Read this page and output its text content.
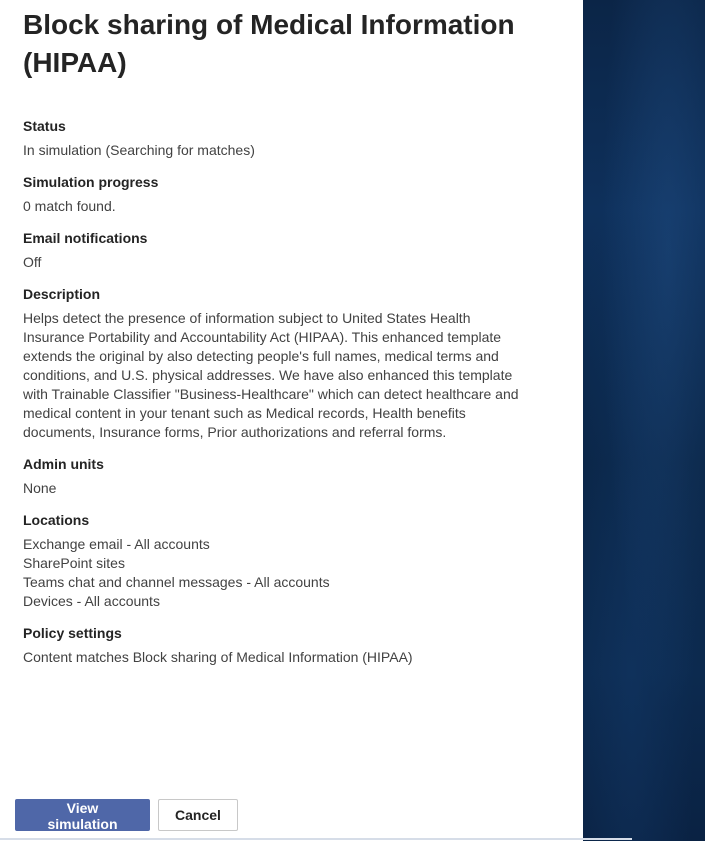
Block sharing of Medical Information (HIPAA)
Status
In simulation (Searching for matches)
Simulation progress
0 match found.
Email notifications
Off
Description
Helps detect the presence of information subject to United States Health Insurance Portability and Accountability Act (HIPAA). This enhanced template extends the original by also detecting people's full names, medical terms and conditions, and U.S. physical addresses. We have also enhanced this template with Trainable Classifier "Business-Healthcare" which can detect healthcare and medical content in your tenant such as Medical records, Health benefits documents, Insurance forms, Prior authorizations and referral forms.
Admin units
None
Locations
Exchange email - All accounts
SharePoint sites
Teams chat and channel messages - All accounts
Devices - All accounts
Policy settings
Content matches Block sharing of Medical Information (HIPAA)
View simulation
Cancel
